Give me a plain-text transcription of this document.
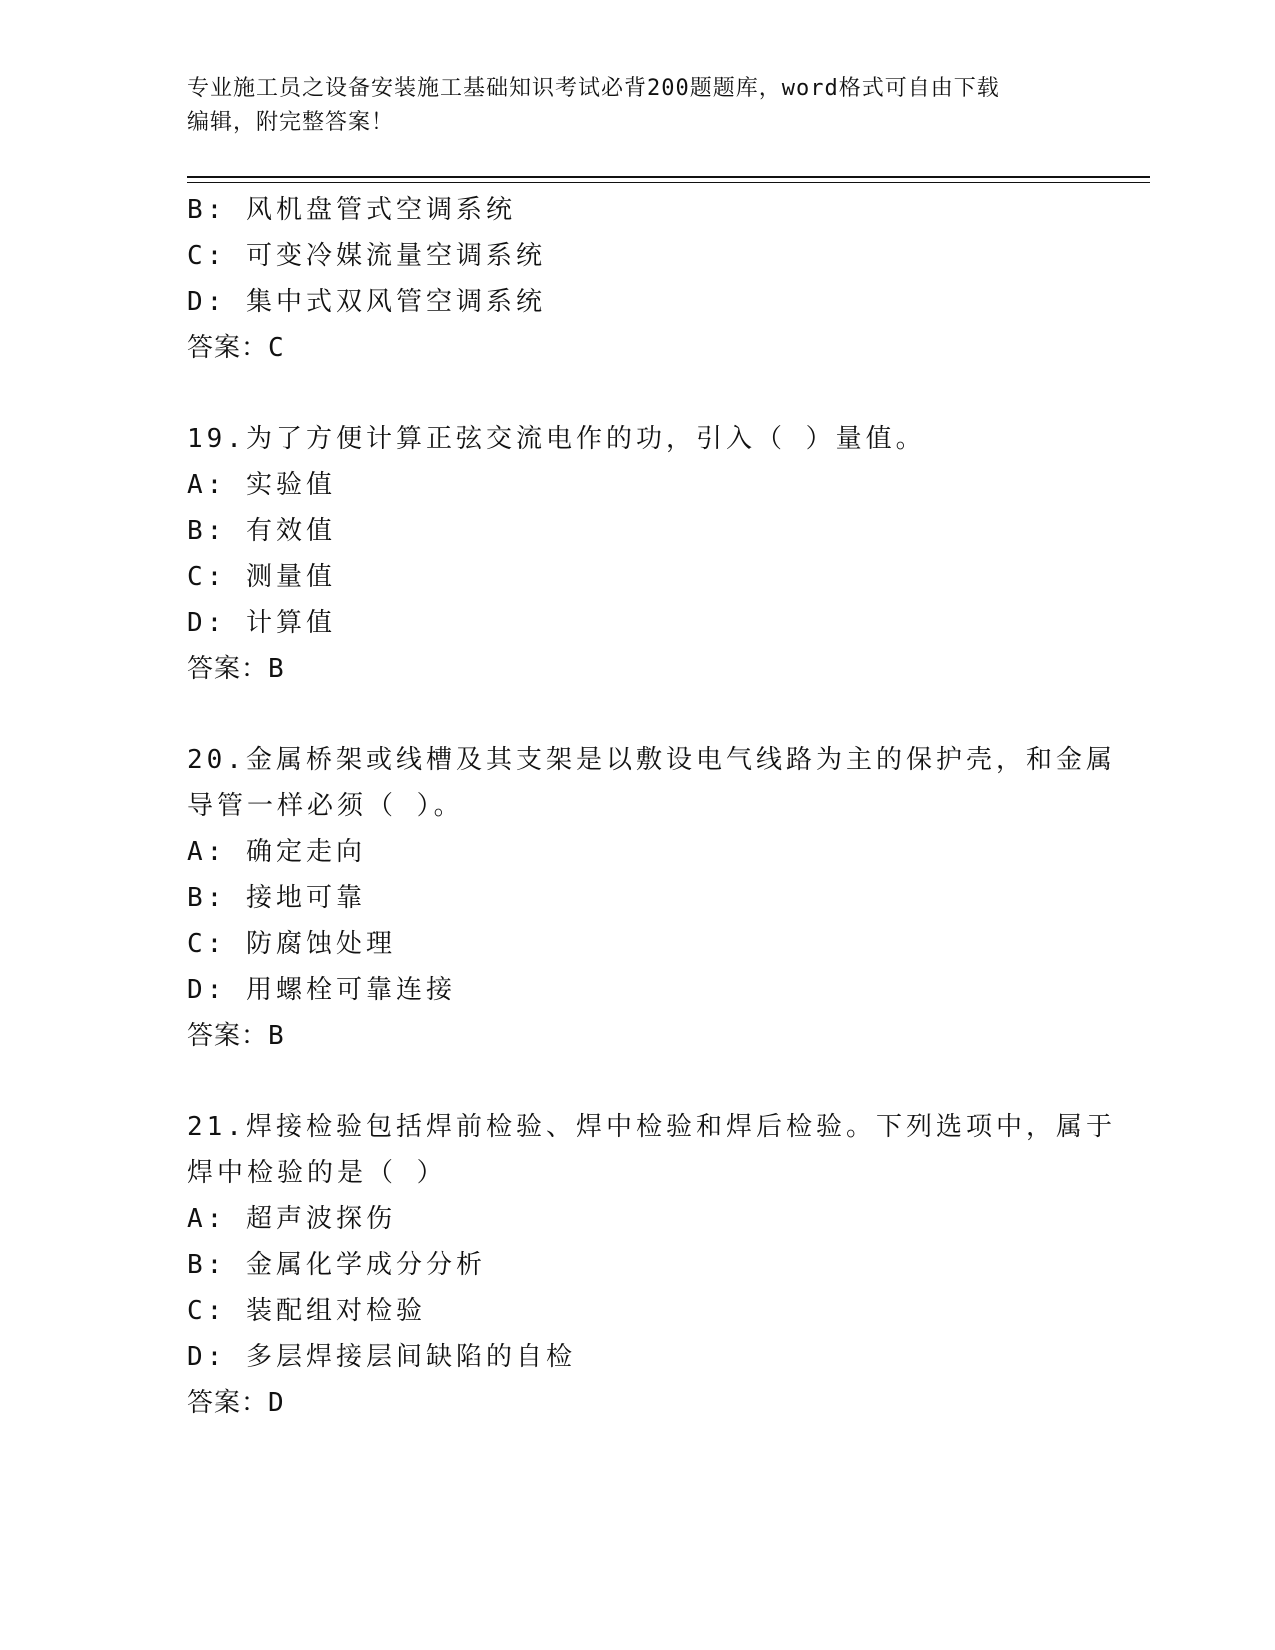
专业施工员之设备安装施工基础知识考试必背200题题库，word格式可自由下载
编辑，附完整答案！
B: 风机盘管式空调系统
C: 可变冷媒流量空调系统
D: 集中式双风管空调系统
答案：C
19.为了方便计算正弦交流电作的功，引入（ ）量值。
A: 实验值
B: 有效值
C: 测量值
D: 计算值
答案：B
20.金属桥架或线槽及其支架是以敷设电气线路为主的保护壳，和金属
导管一样必须（ ）。
A: 确定走向
B: 接地可靠
C: 防腐蚀处理
D: 用螺栓可靠连接
答案：B
21.焊接检验包括焊前检验、焊中检验和焊后检验。下列选项中，属于
焊中检验的是（ ）
A: 超声波探伤
B: 金属化学成分分析
C: 装配组对检验
D: 多层焊接层间缺陷的自检
答案：D
